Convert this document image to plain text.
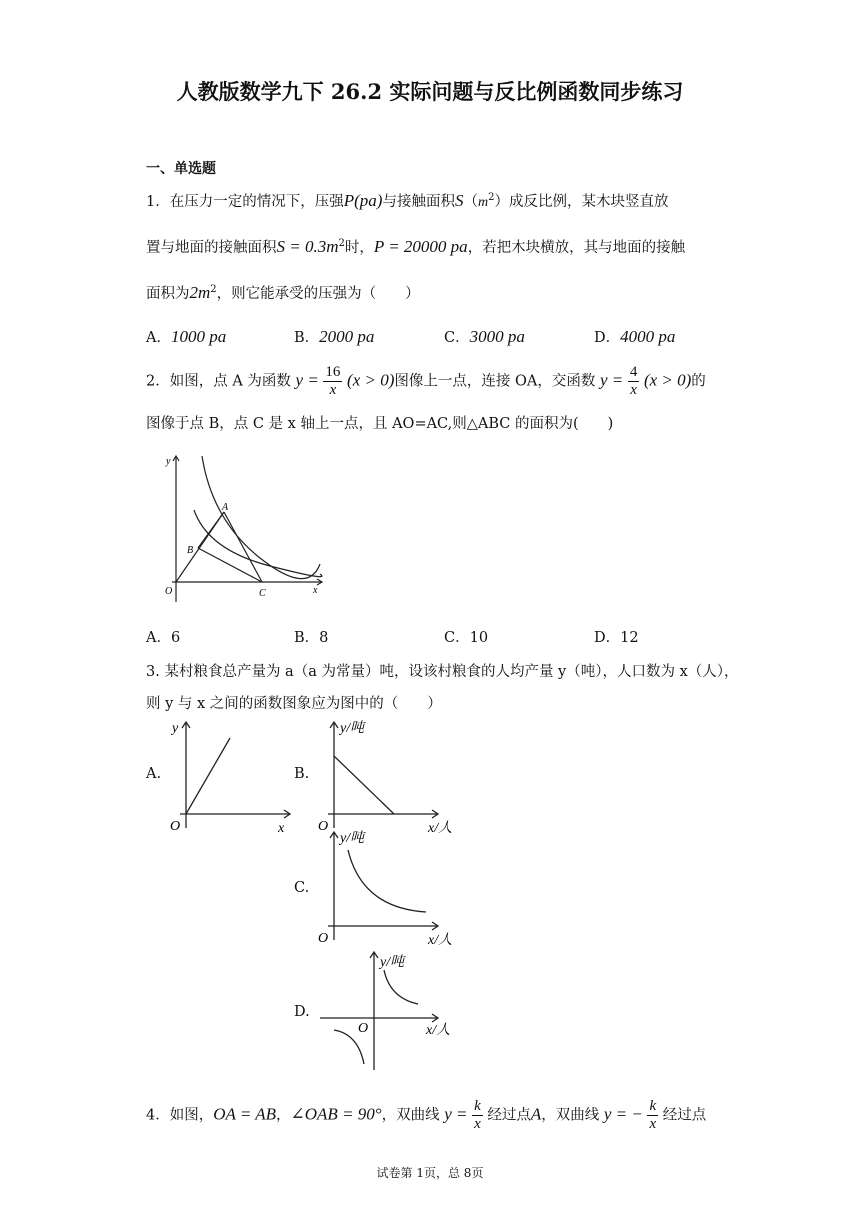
人教版数学九下 26.2 实际问题与反比例函数同步练习
一、单选题
1．在压力一定的情况下，压强P(pa)与接触面积$S(m^2)$成反比例，某木块竖直放
置与地面的接触面积$S = 0.3m^2$时，P = 20000 pa，若把木块横放，其与地面的接触
面积为$2m^2$，则它能承受的压强为（　　）
A．1000 pa	B．2000 pa	C．3000 pa	D．4000 pa
2．如图，点 A 为函数 $y = \frac{16}{x} (x > 0)$图像上一点，连接 OA，交函数 $y = \frac{4}{x} (x > 0)$的
图像于点 B，点 C 是 x 轴上一点，且 AO=AC,则△ABC 的面积为(　　)
y
x
O
A
B
C
A．6	B．8	C．10	D．12
3. 某村粮食总产量为 a（a 为常量）吨，设该村粮食的人均产量 y（吨），人口数为 x（人），
则 y 与 x 之间的函数图象应为图中的（　　）
A.
y
x
O
B.
y/吨
x/人
O
C.
y/吨
x/人
O
D.
y/吨
x/人
O
4．如图，OA = AB，∠OAB = 90°，双曲线 $y = \frac{k}{x}$ 经过点A，双曲线 y = − $\frac{k}{x}$ 经过点
试卷第 1页，总 8页
